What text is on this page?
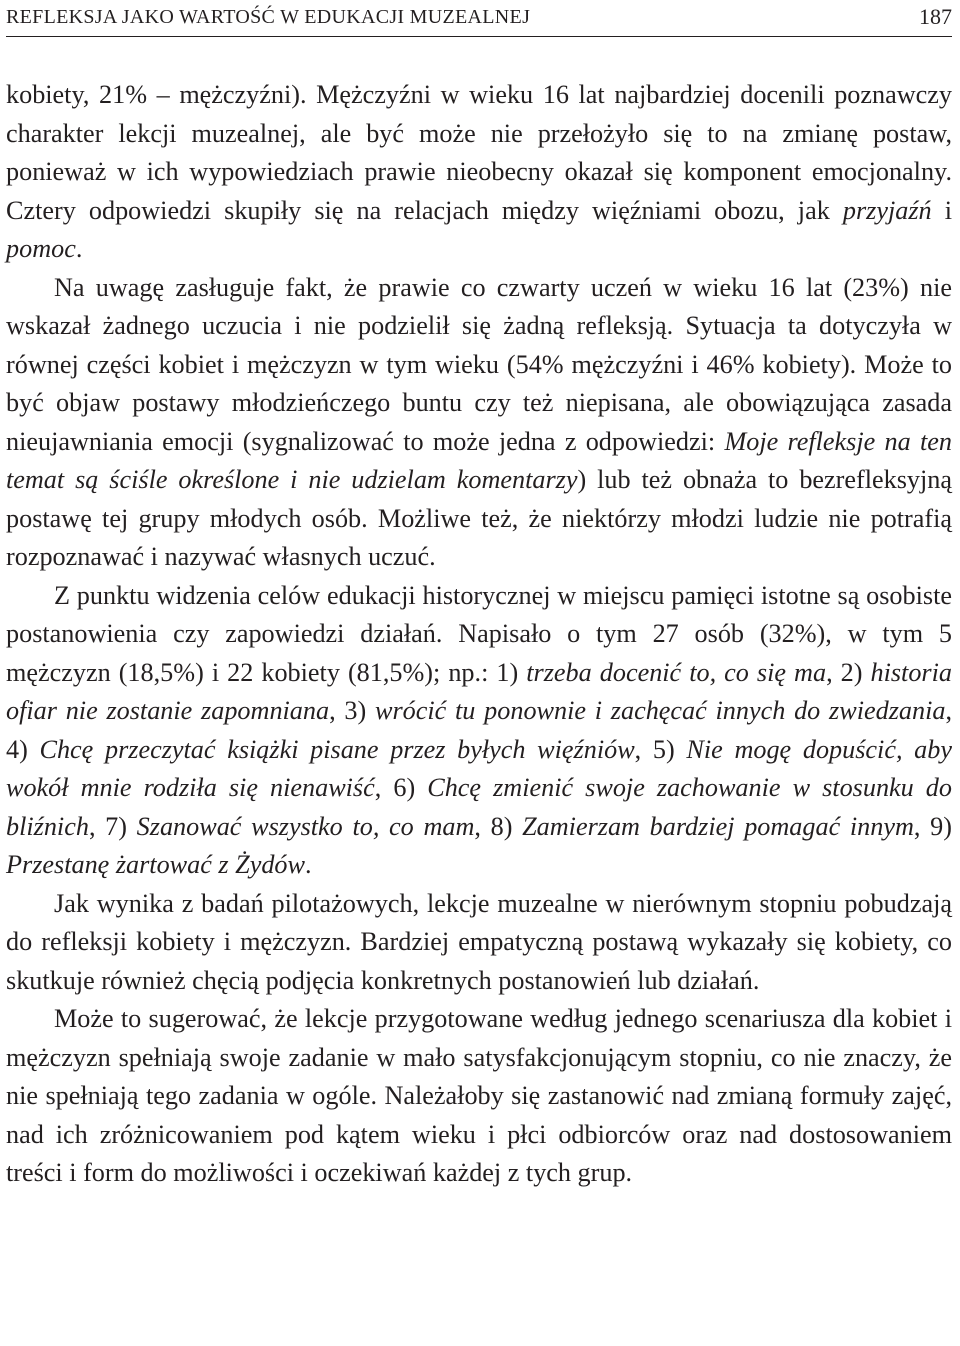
REFLEKSJA JAKO WARTOŚĆ W EDUKACJI MUZEALNEJ	187

kobiety, 21% – mężczyźni). Mężczyźni w wieku 16 lat najbardziej docenili poznawczy charakter lekcji muzealnej, ale być może nie przełożyło się to na zmianę postaw, ponieważ w ich wypowiedziach prawie nieobecny okazał się komponent emocjonalny. Cztery odpowiedzi skupiły się na relacjach między więźniami obozu, jak przyjaźń i pomoc.

Na uwagę zasługuje fakt, że prawie co czwarty uczeń w wieku 16 lat (23%) nie wskazał żadnego uczucia i nie podzielił się żadną refleksją. Sytuacja ta dotyczyła w równej części kobiet i mężczyzn w tym wieku (54% mężczyźni i 46% kobiety). Może to być objaw postawy młodzieńczego buntu czy też niepisana, ale obowiązująca zasada nieujawniania emocji (sygnalizować to może jedna z odpowiedzi: Moje refleksje na ten temat są ściśle określone i nie udzielam komentarzy) lub też obnaża to bezrefleksyjną postawę tej grupy młodych osób. Możliwe też, że niektórzy młodzi ludzie nie potrafią rozpoznawać i nazywać własnych uczuć.

Z punktu widzenia celów edukacji historycznej w miejscu pamięci istotne są osobiste postanowienia czy zapowiedzi działań. Napisało o tym 27 osób (32%), w tym 5 mężczyzn (18,5%) i 22 kobiety (81,5%); np.: 1) trzeba docenić to, co się ma, 2) historia ofiar nie zostanie zapomniana, 3) wrócić tu ponownie i zachęcać innych do zwiedzania, 4) Chcę przeczytać książki pisane przez byłych więźniów, 5) Nie mogę dopuścić, aby wokół mnie rodziła się nienawiść, 6) Chcę zmienić swoje zachowanie w stosunku do bliźnich, 7) Szanować wszystko to, co mam, 8) Zamierzam bardziej pomagać innym, 9) Przestanę żartować z Żydów.

Jak wynika z badań pilotażowych, lekcje muzealne w nierównym stopniu pobudzają do refleksji kobiety i mężczyzn. Bardziej empatyczną postawą wykazały się kobiety, co skutkuje również chęcią podjęcia konkretnych postanowień lub działań.

Może to sugerować, że lekcje przygotowane według jednego scenariusza dla kobiet i mężczyzn spełniają swoje zadanie w mało satysfakcjonującym stopniu, co nie znaczy, że nie spełniają tego zadania w ogóle. Należałoby się zastanowić nad zmianą formuły zajęć, nad ich zróżnicowaniem pod kątem wieku i płci odbiorców oraz nad dostosowaniem treści i form do możliwości i oczekiwań każdej z tych grup.
